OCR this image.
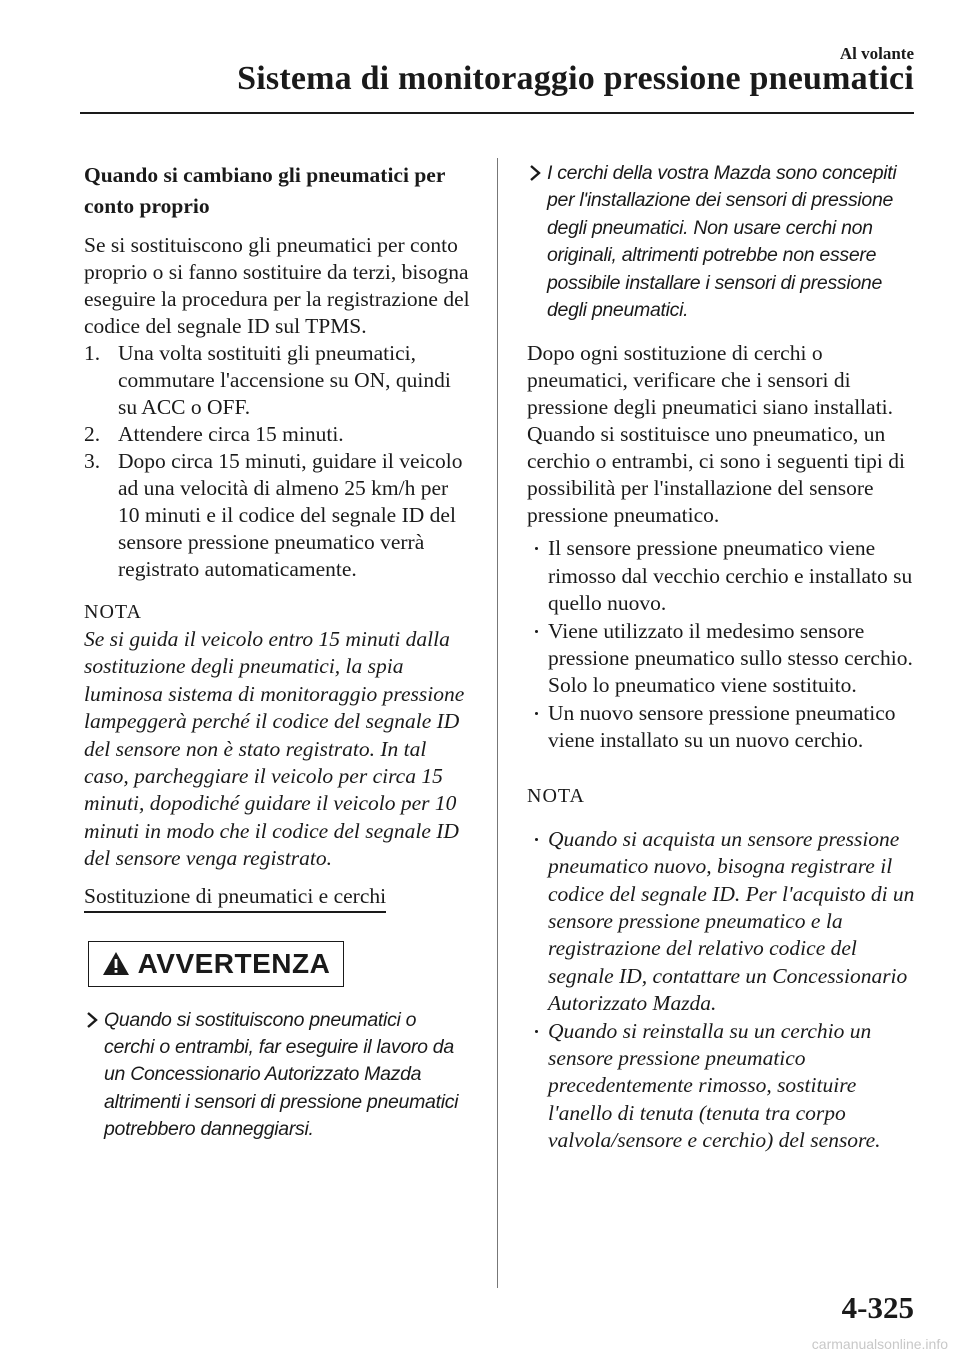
Al volante
Sistema di monitoraggio pressione pneumatici

Quando si cambiano gli pneumatici per conto proprio

Se si sostituiscono gli pneumatici per conto proprio o si fanno sostituire da terzi, bisogna eseguire la procedura per la registrazione del codice del segnale ID sul TPMS.

1. Una volta sostituiti gli pneumatici, commutare l'accensione su ON, quindi su ACC o OFF.
2. Attendere circa 15 minuti.
3. Dopo circa 15 minuti, guidare il veicolo ad una velocità di almeno 25 km/h per 10 minuti e il codice del segnale ID del sensore pressione pneumatico verrà registrato automaticamente.
NOTA

Se si guida il veicolo entro 15 minuti dalla sostituzione degli pneumatici, la spia luminosa sistema di monitoraggio pressione lampeggerà perché il codice del segnale ID del sensore non è stato registrato. In tal caso, parcheggiare il veicolo per circa 15 minuti, dopodiché guidare il veicolo per 10 minuti in modo che il codice del segnale ID del sensore venga registrato.

Sostituzione di pneumatici e cerchi
AVVERTENZA
Quando si sostituiscono pneumatici o cerchi o entrambi, far eseguire il lavoro da un Concessionario Autorizzato Mazda altrimenti i sensori di pressione pneumatici potrebbero danneggiarsi.
I cerchi della vostra Mazda sono concepiti per l'installazione dei sensori di pressione degli pneumatici. Non usare cerchi non originali, altrimenti potrebbe non essere possibile installare i sensori di pressione degli pneumatici.

Dopo ogni sostituzione di cerchi o pneumatici, verificare che i sensori di pressione degli pneumatici siano installati. Quando si sostituisce uno pneumatico, un cerchio o entrambi, ci sono i seguenti tipi di possibilità per l'installazione del sensore pressione pneumatico.

Il sensore pressione pneumatico viene rimosso dal vecchio cerchio e installato su quello nuovo.
Viene utilizzato il medesimo sensore pressione pneumatico sullo stesso cerchio. Solo lo pneumatico viene sostituito.
Un nuovo sensore pressione pneumatico viene installato su un nuovo cerchio.
NOTA
Quando si acquista un sensore pressione pneumatico nuovo, bisogna registrare il codice del segnale ID. Per l'acquisto di un sensore pressione pneumatico e la registrazione del relativo codice del segnale ID, contattare un Concessionario Autorizzato Mazda.
Quando si reinstalla su un cerchio un sensore pressione pneumatico precedentemente rimosso, sostituire l'anello di tenuta (tenuta tra corpo valvola/sensore e cerchio) del sensore.
4-325
carmanualsonline.info
